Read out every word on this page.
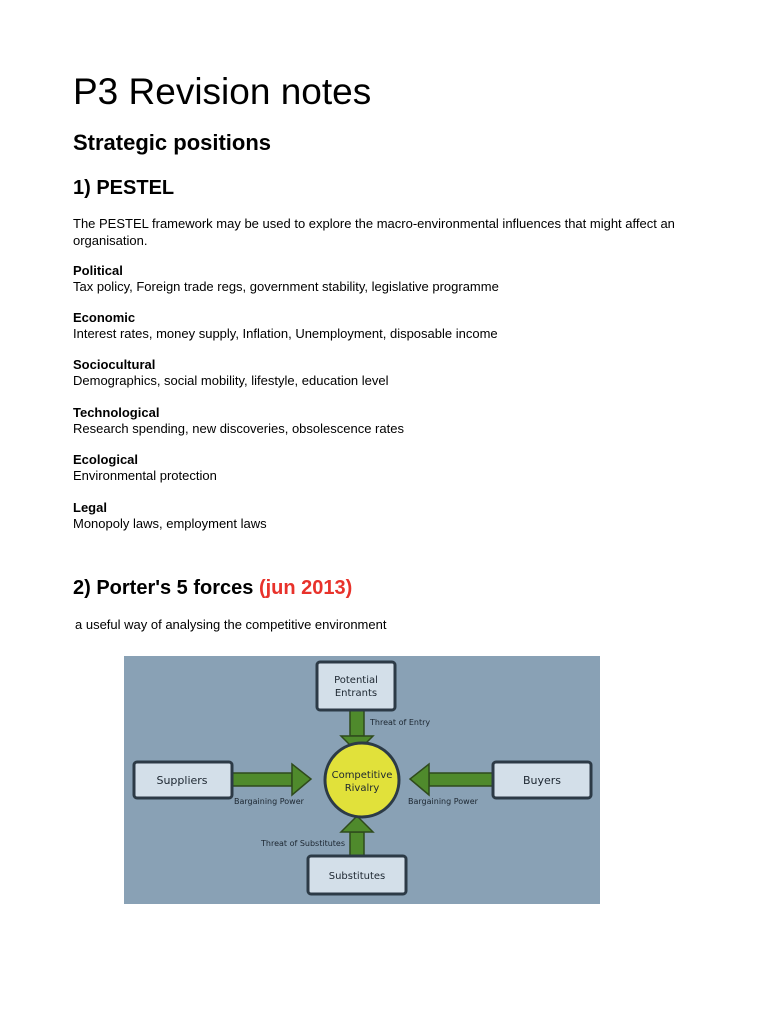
P3 Revision notes
Strategic positions
1) PESTEL

The PESTEL framework may be used to explore the macro-environmental influences that might affect an organisation.

Political

Tax policy, Foreign trade regs, government stability, legislative programme

Economic

Interest rates, money supply, Inflation, Unemployment, disposable income

Sociocultural

Demographics, social mobility, lifestyle, education level

Technological

Research spending, new discoveries, obsolescence rates

Ecological

Environmental protection

Legal

Monopoly laws, employment laws

2) Porter's 5 forces (jun 2013)

a useful way of analysing the competitive environment

Potential
Entrants
Suppliers	Buyers
Substitutes
Competitive
Rivalry
Threat of Entry
Bargaining Power	Bargaining Power
Threat of Substitutes
